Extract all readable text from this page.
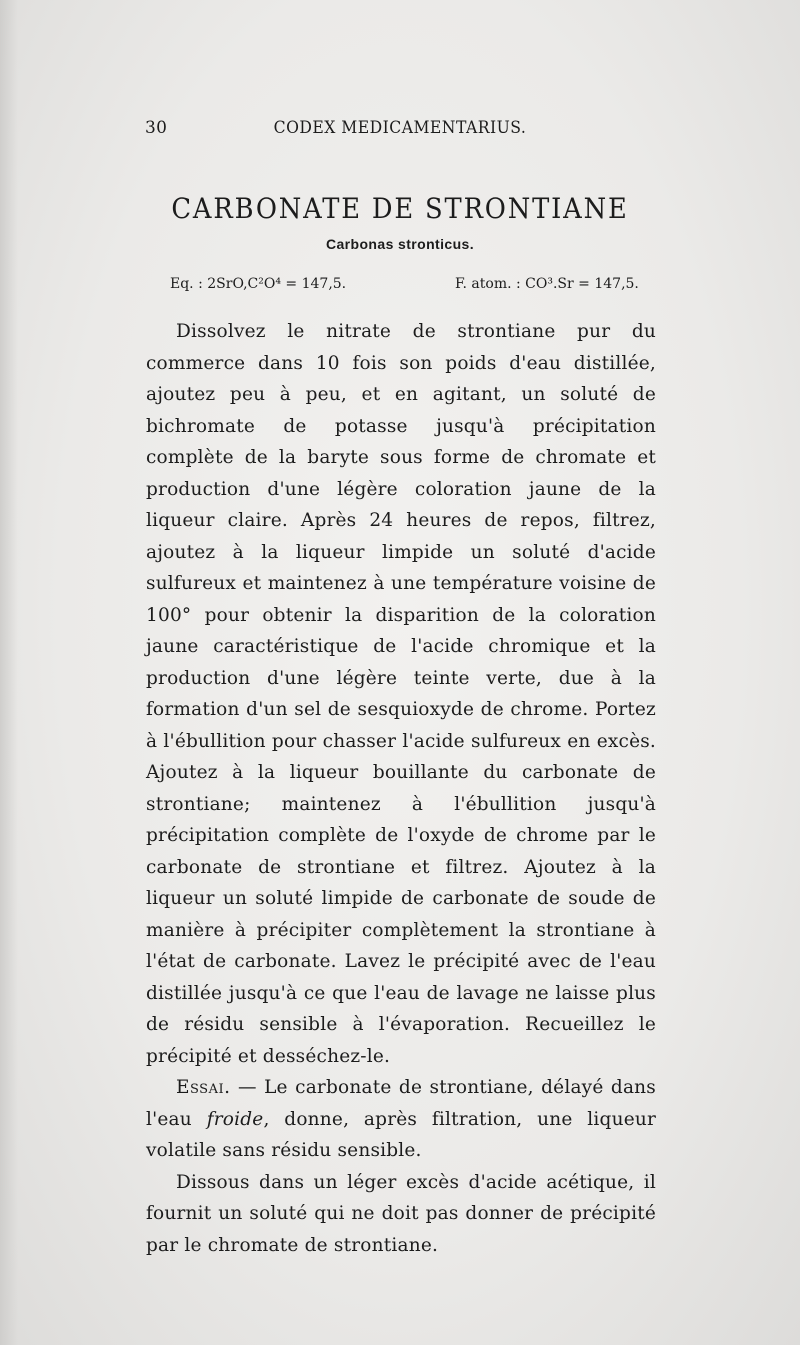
30	CODEX MEDICAMENTARIUS.
CARBONATE DE STRONTIANE
Carbonas stronticus.
Eq. : 2SrO,C²O⁴ = 147,5.	F. atom. : CO³.Sr = 147,5.

Dissolvez le nitrate de strontiane pur du commerce dans 10 fois son poids d'eau distillée, ajoutez peu à peu, et en agitant, un soluté de bichromate de potasse jusqu'à précipitation complète de la baryte sous forme de chromate et production d'une légère coloration jaune de la liqueur claire. Après 24 heures de repos, filtrez, ajoutez à la liqueur limpide un soluté d'acide sulfureux et maintenez à une température voisine de 100° pour obtenir la disparition de la coloration jaune caractéristique de l'acide chromique et la production d'une légère teinte verte, due à la formation d'un sel de sesquioxyde de chrome. Portez à l'ébullition pour chasser l'acide sulfureux en excès. Ajoutez à la liqueur bouillante du carbonate de strontiane; maintenez à l'ébullition jusqu'à précipitation complète de l'oxyde de chrome par le carbonate de strontiane et filtrez. Ajoutez à la liqueur un soluté limpide de carbonate de soude de manière à précipiter complètement la strontiane à l'état de carbonate. Lavez le précipité avec de l'eau distillée jusqu'à ce que l'eau de lavage ne laisse plus de résidu sensible à l'évaporation. Recueillez le précipité et desséchez-le.

Essai. — Le carbonate de strontiane, délayé dans l'eau froide, donne, après filtration, une liqueur volatile sans résidu sensible.

Dissous dans un léger excès d'acide acétique, il fournit un soluté qui ne doit pas donner de précipité par le chromate de strontiane.
